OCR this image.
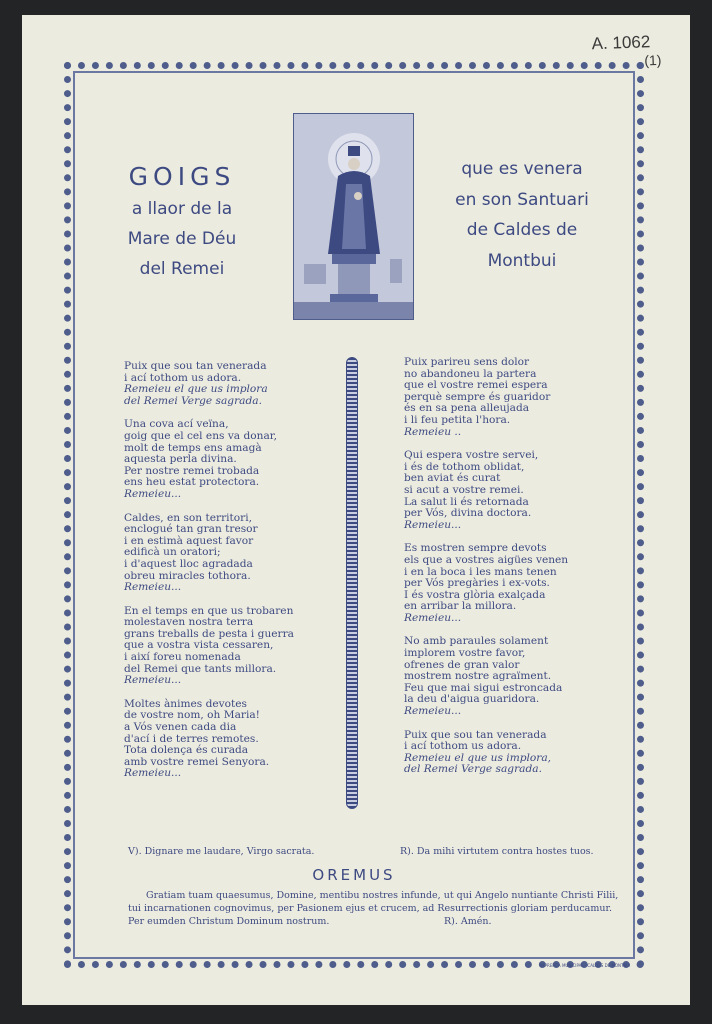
A. 1062
(1)
GOIGS
a llaor de la
Mare de Déu
del Remei
que es venera
en son Santuari
de Caldes de
Montbui
Puix que sou tan venerada
i ací tothom us adora.
Remeieu el que us implora
del Remei Verge sagrada.
Una cova ací veïna,
goig que el cel ens va donar,
molt de temps ens amagà
aquesta perla divina.
Per nostre remei trobada
ens heu estat protectora.
Remeieu...
Caldes, en son territori,
enclogué tan gran tresor
i en estimà aquest favor
edificà un oratori;
i d'aquest lloc agradada
obreu miracles tothora.
Remeieu...
En el temps en que us trobaren
molestaven nostra terra
grans treballs de pesta i guerra
que a vostra vista cessaren,
i així foreu nomenada
del Remei que tants millora.
Remeieu...
Moltes ànimes devotes
de vostre nom, oh Maria!
a Vós venen cada dia
d'ací i de terres remotes.
Tota dolença és curada
amb vostre remei Senyora.
Remeieu...
Puix parireu sens dolor
no abandoneu la partera
que el vostre remei espera
perquè sempre és guaridor
és en sa pena alleujada
i li feu petita l'hora.
Remeieu ..
Qui espera vostre servei,
i és de tothom oblidat,
ben aviat és curat
si acut a vostre remei.
La salut li és retornada
per Vós, divina doctora.
Remeieu...
Es mostren sempre devots
els que a vostres aigües venen
i en la boca i les mans tenen
per Vós pregàries i ex-vots.
I és vostra glòria exalçada
en arribar la millora.
Remeieu...
No amb paraules solament
implorem vostre favor,
ofrenes de gran valor
mostrem nostre agraïment.
Feu que mai sigui estroncada
la deu d'aigua guaridora.
Remeieu...
Puix que sou tan venerada
i ací tothom us adora.
Remeieu el que us implora,
del Remei Verge sagrada.
V). Dignare me laudare, Virgo sacrata.	R). Da mihi virtutem contra hostes tuos.
OREMUS
Gratiam tuam quaesumus, Domine, mentibu nostres infunde, ut qui Angelo nuntiante Christi Filii,
tui incarnationen cognovimus, per Pasionem ejus et crucem, ad Resurrectionis gloriam perducamur.
Per eumden Christum Dominum nostrum.	R). Amén.
IMPREMTA MUNICIPAL · CALDES DE MONTBUI
